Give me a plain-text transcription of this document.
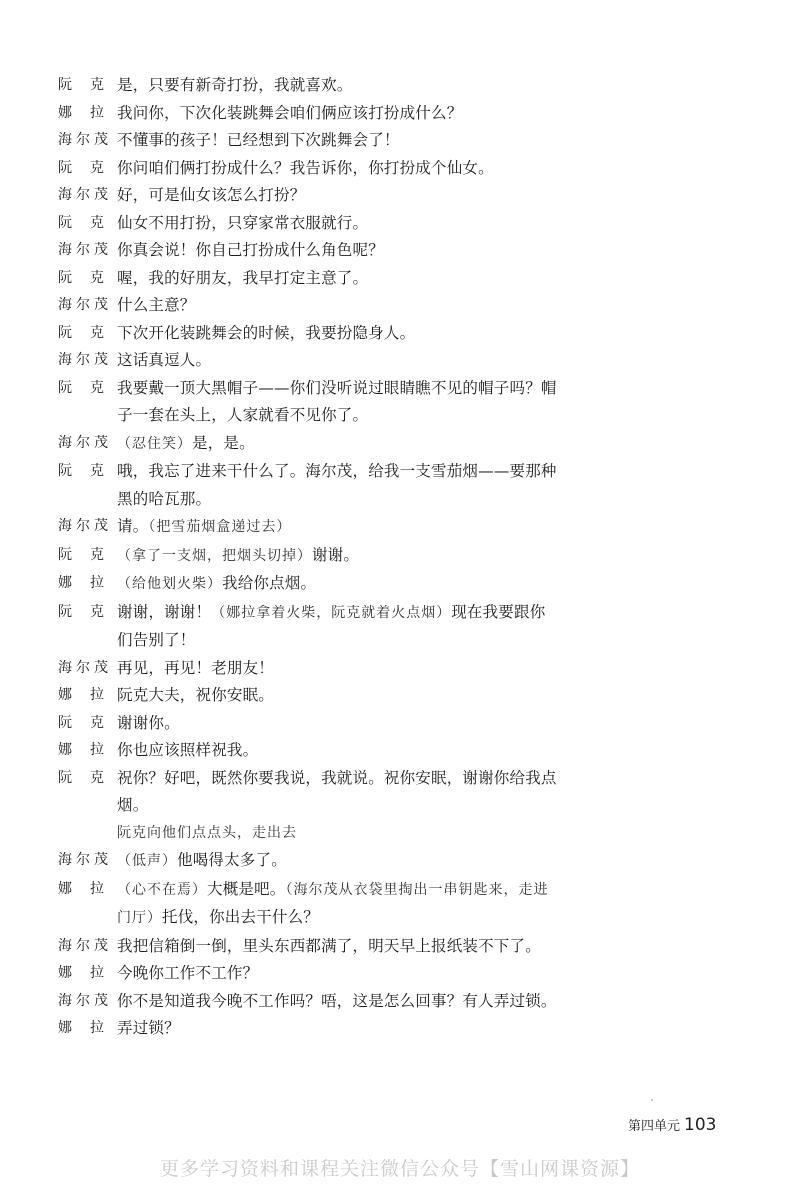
阮克 是，只要有新奇打扮，我就喜欢。
娜拉 我问你，下次化装跳舞会咱们俩应该打扮成什么？
海尔茂 不懂事的孩子！已经想到下次跳舞会了！
阮克 你问咱们俩打扮成什么？我告诉你，你打扮成个仙女。
海尔茂 好，可是仙女该怎么打扮？
阮克 仙女不用打扮，只穿家常衣服就行。
海尔茂 你真会说！你自己打扮成什么角色呢？
阮克 喔，我的好朋友，我早打定主意了。
海尔茂 什么主意？
阮克 下次开化装跳舞会的时候，我要扮隐身人。
海尔茂 这话真逗人。
阮克 我要戴一顶大黑帽子——你们没听说过眼睛瞧不见的帽子吗？帽子一套在头上，人家就看不见你了。
海尔茂 （忍住笑）是，是。
阮克 哦，我忘了进来干什么了。海尔茂，给我一支雪茄烟——要那种黑的哈瓦那。
海尔茂 请。（把雪茄烟盒递过去）
阮克 （拿了一支烟，把烟头切掉）谢谢。
娜拉 （给他划火柴）我给你点烟。
阮克 谢谢，谢谢！（娜拉拿着火柴，阮克就着火点烟）现在我要跟你们告别了！
海尔茂 再见，再见！老朋友！
娜拉 阮克大夫，祝你安眠。
阮克 谢谢你。
娜拉 你也应该照样祝我。
阮克 祝你？好吧，既然你要我说，我就说。祝你安眠，谢谢你给我点烟。
阮克向他们点点头，走出去
海尔茂 （低声）他喝得太多了。
娜拉 （心不在焉）大概是吧。（海尔茂从衣袋里掏出一串钥匙来，走进门厅）托伐，你出去干什么？
海尔茂 我把信箱倒一倒，里头东西都满了，明天早上报纸装不下了。
娜拉 今晚你工作不工作？
海尔茂 你不是知道我今晚不工作吗？唔，这是怎么回事？有人弄过锁。
娜拉 弄过锁？
第四单元 103
更多学习资料和课程关注微信公众号【雪山网课资源】
